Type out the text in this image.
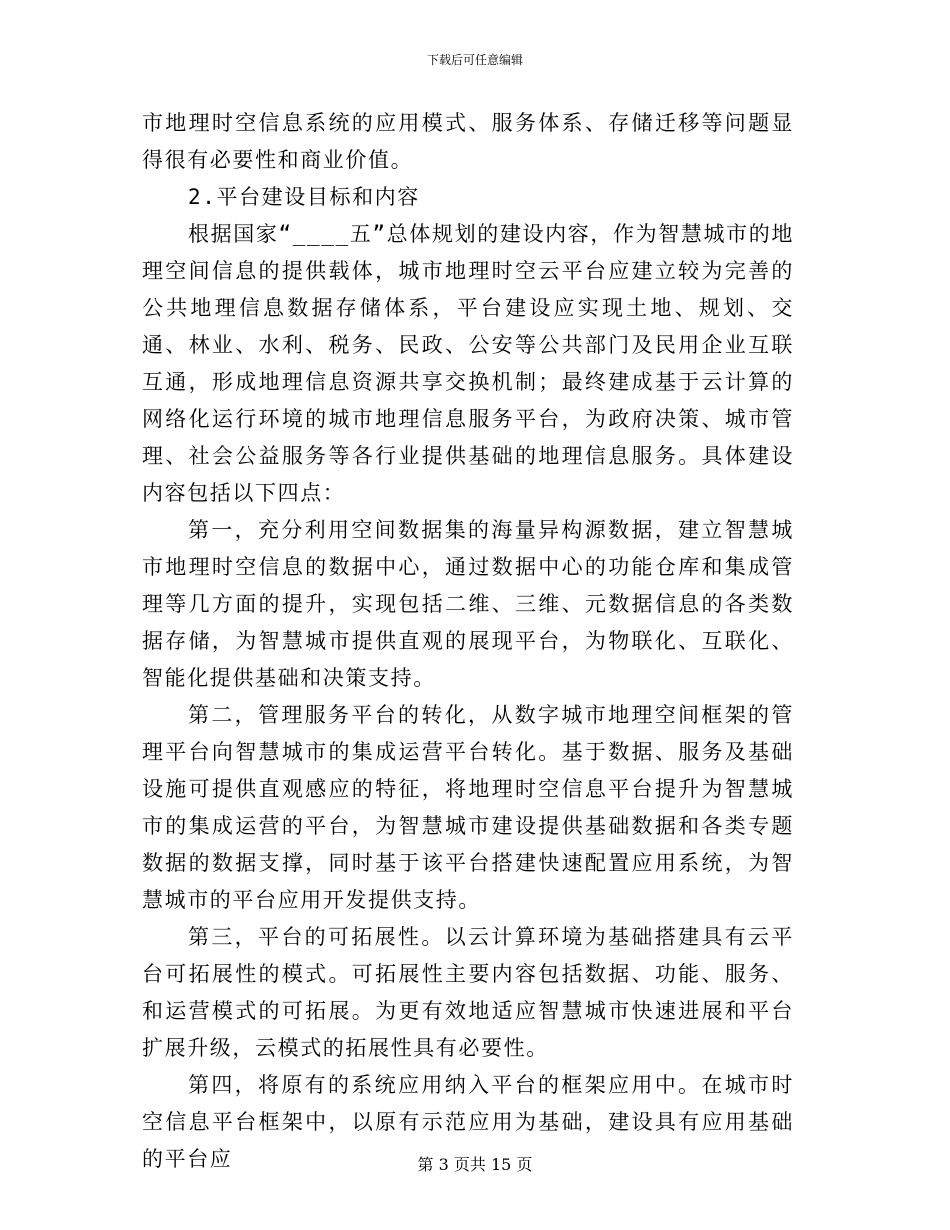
下载后可任意编辑

市地理时空信息系统的应用模式、服务体系、存储迁移等问题显得很有必要性和商业价值。

2.平台建设目标和内容

根据国家“____五”总体规划的建设内容，作为智慧城市的地理空间信息的提供载体，城市地理时空云平台应建立较为完善的公共地理信息数据存储体系，平台建设应实现土地、规划、交通、林业、水利、税务、民政、公安等公共部门及民用企业互联互通，形成地理信息资源共享交换机制；最终建成基于云计算的网络化运行环境的城市地理信息服务平台，为政府决策、城市管理、社会公益服务等各行业提供基础的地理信息服务。具体建设内容包括以下四点：

第一，充分利用空间数据集的海量异构源数据，建立智慧城市地理时空信息的数据中心，通过数据中心的功能仓库和集成管理等几方面的提升，实现包括二维、三维、元数据信息的各类数据存储，为智慧城市提供直观的展现平台，为物联化、互联化、智能化提供基础和决策支持。

第二，管理服务平台的转化，从数字城市地理空间框架的管理平台向智慧城市的集成运营平台转化。基于数据、服务及基础设施可提供直观感应的特征，将地理时空信息平台提升为智慧城市的集成运营的平台，为智慧城市建设提供基础数据和各类专题数据的数据支撑，同时基于该平台搭建快速配置应用系统，为智慧城市的平台应用开发提供支持。

第三，平台的可拓展性。以云计算环境为基础搭建具有云平台可拓展性的模式。可拓展性主要内容包括数据、功能、服务、和运营模式的可拓展。为更有效地适应智慧城市快速进展和平台扩展升级，云模式的拓展性具有必要性。

第四，将原有的系统应用纳入平台的框架应用中。在城市时空信息平台框架中，以原有示范应用为基础，建设具有应用基础的平台应	第 3 页共 15 页
